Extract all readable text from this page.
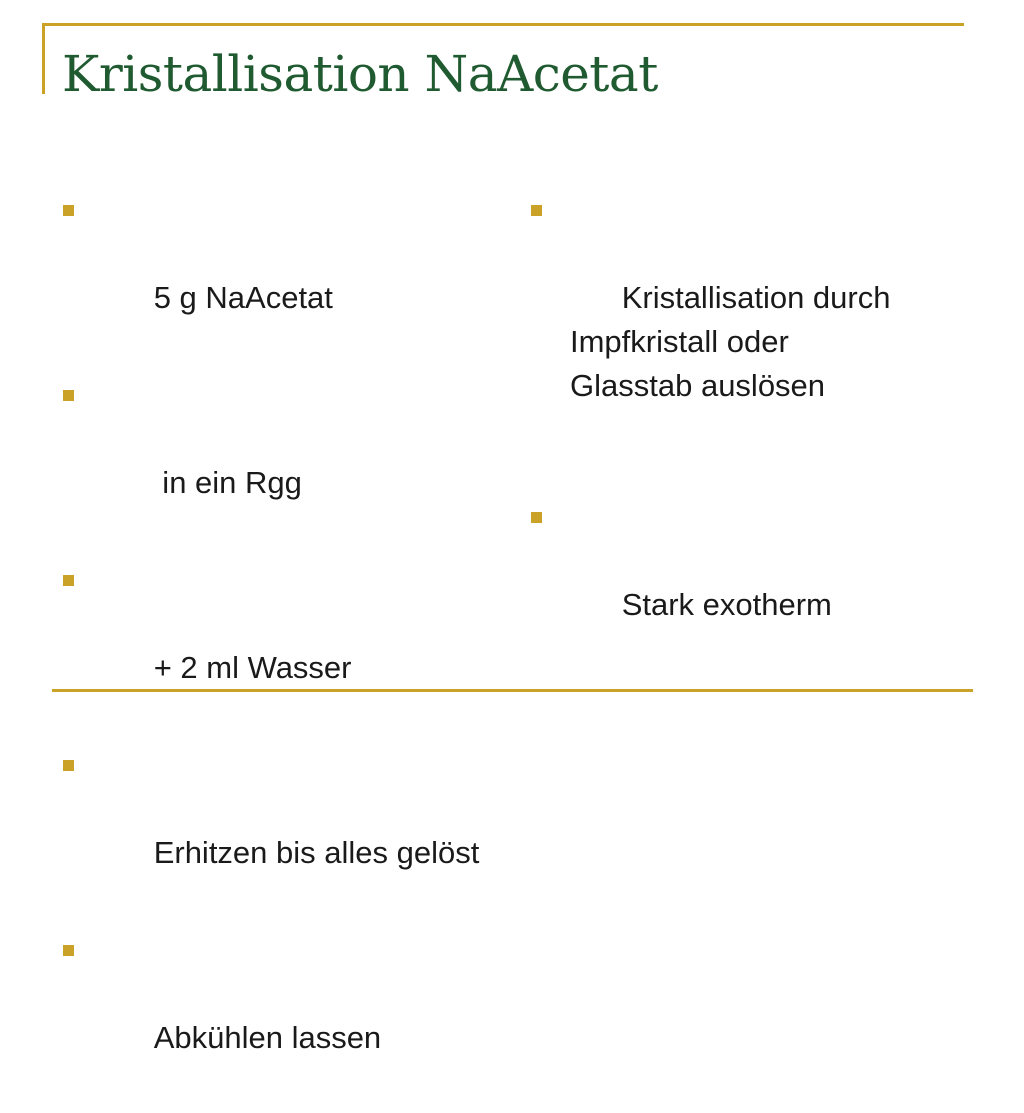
Kristallisation NaAcetat

5 g NaAcetat

in ein Rgg

+ 2 ml Wasser

Erhitzen bis alles gelöst

Abkühlen lassen

Kristallisation durch
Impfkristall oder
Glasstab auslösen

Stark exotherm
